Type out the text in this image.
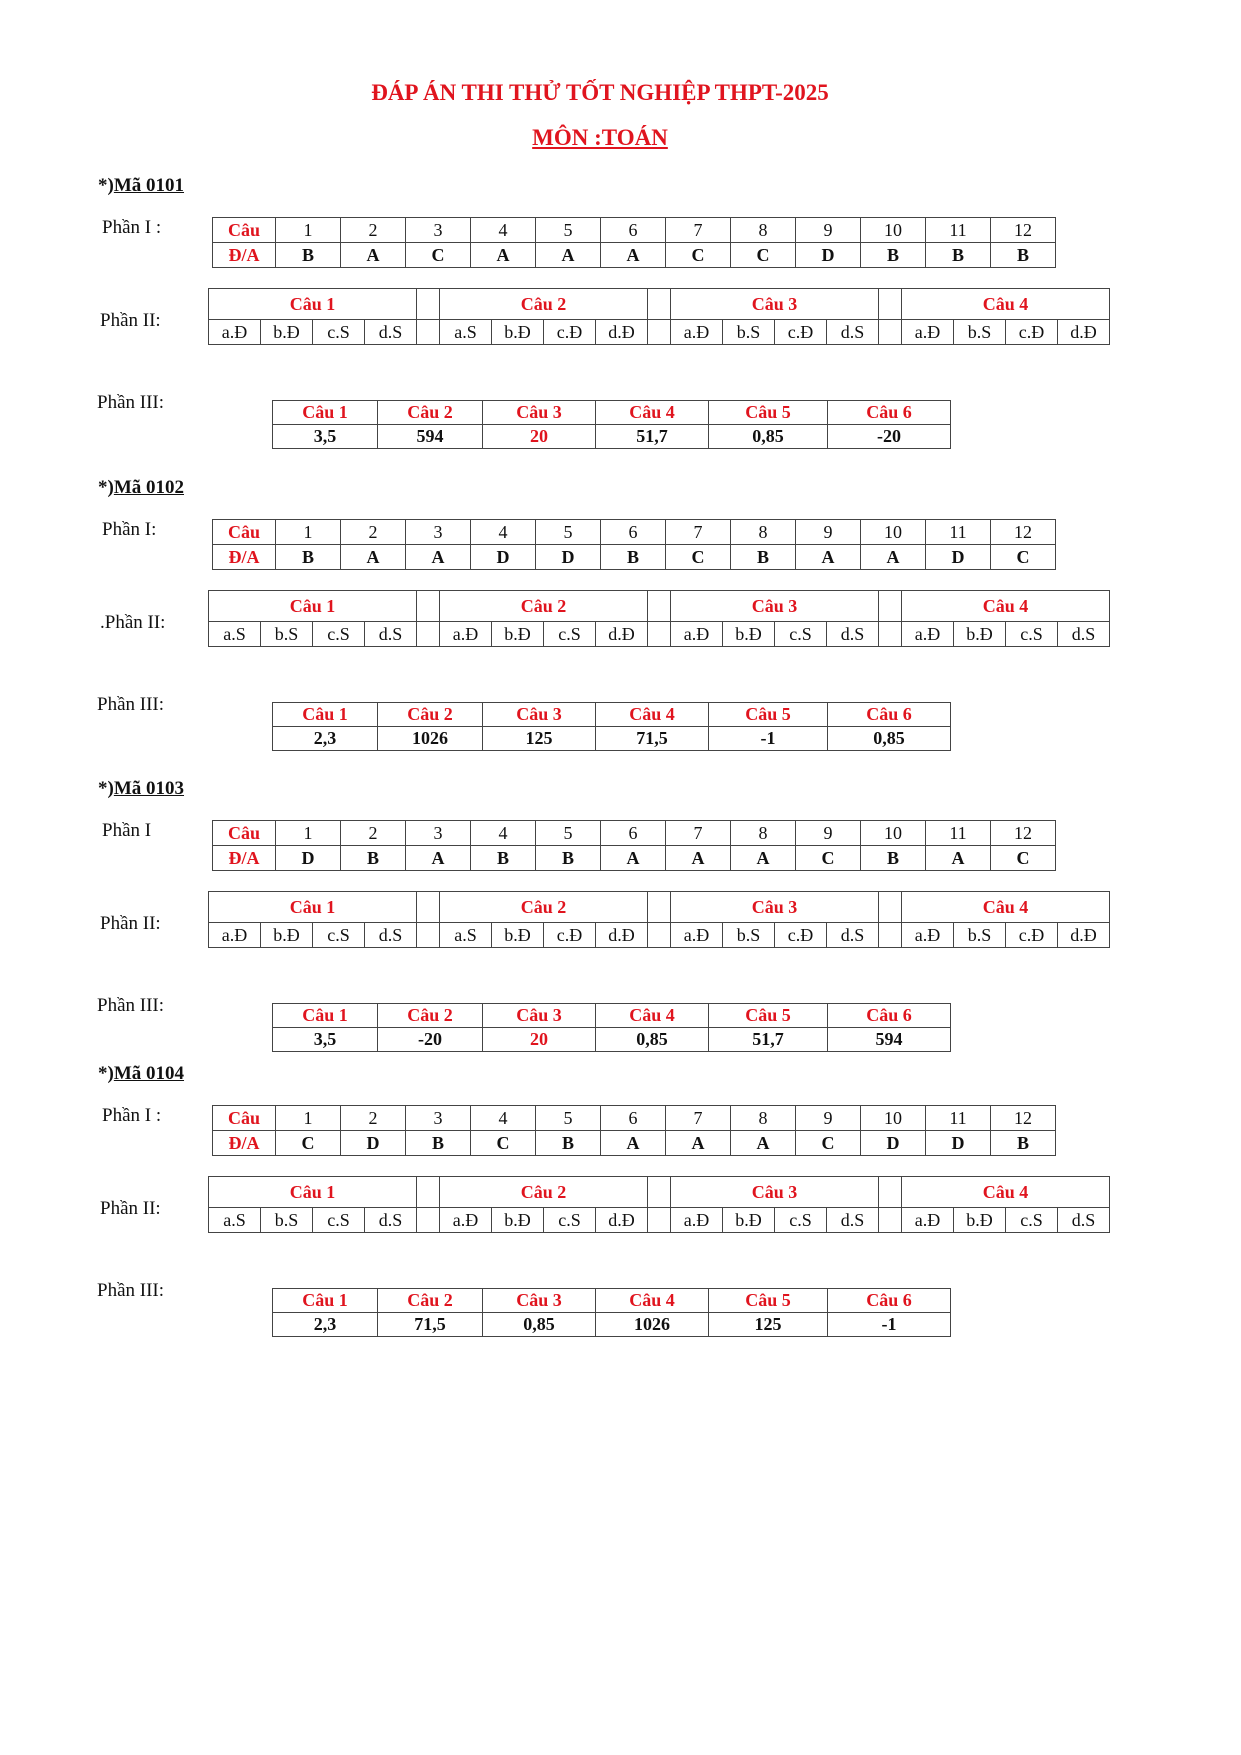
ĐÁP ÁN THI THỬ TỐT NGHIỆP THPT-2025
MÔN :TOÁN
*)Mã 0101
Phần I :	Câu	1	2	3	4	5	6	7	8	9	10	11	12
Đ/A	B	A	C	A	A	A	C	C	D	B	B	B
Phần II:
Câu 1					Câu 2					Câu 3					Câu 4			
a.Đ	b.Đ	c.S	d.S		a.S	b.Đ	c.Đ	d.Đ		a.Đ	b.S	c.Đ	d.S		a.Đ	b.S	c.Đ	d.Đ
Phần III:	Câu 1	Câu 2	Câu 3	Câu 4	Câu 5	Câu 6
3,5	594	20	51,7	0,85	-20
*)Mã 0102
Phần I:	Câu	1	2	3	4	5	6	7	8	9	10	11	12
Đ/A	B	A	A	D	D	B	C	B	A	A	D	C
.Phần II:
Câu 1					Câu 2					Câu 3					Câu 4			
a.S	b.S	c.S	d.S		a.Đ	b.Đ	c.S	d.Đ		a.Đ	b.Đ	c.S	d.S		a.Đ	b.Đ	c.S	d.S
Phần III:	Câu 1	Câu 2	Câu 3	Câu 4	Câu 5	Câu 6
2,3	1026	125	71,5	-1	0,85
*)Mã 0103
Phần I	Câu	1	2	3	4	5	6	7	8	9	10	11	12
Đ/A	D	B	A	B	B	A	A	A	C	B	A	C
Phần II:
Câu 1					Câu 2					Câu 3					Câu 4			
a.Đ	b.Đ	c.S	d.S		a.S	b.Đ	c.Đ	d.Đ		a.Đ	b.S	c.Đ	d.S		a.Đ	b.S	c.Đ	d.Đ
Phần III:	Câu 1	Câu 2	Câu 3	Câu 4	Câu 5	Câu 6
3,5	-20	20	0,85	51,7	594
*)Mã 0104
Phần I :	Câu	1	2	3	4	5	6	7	8	9	10	11	12
Đ/A	C	D	B	C	B	A	A	A	C	D	D	B
Phần II:
Câu 1					Câu 2					Câu 3					Câu 4			
a.S	b.S	c.S	d.S		a.Đ	b.Đ	c.S	d.Đ		a.Đ	b.Đ	c.S	d.S		a.Đ	b.Đ	c.S	d.S
Phần III:	Câu 1	Câu 2	Câu 3	Câu 4	Câu 5	Câu 6
2,3	71,5	0,85	1026	125	-1
